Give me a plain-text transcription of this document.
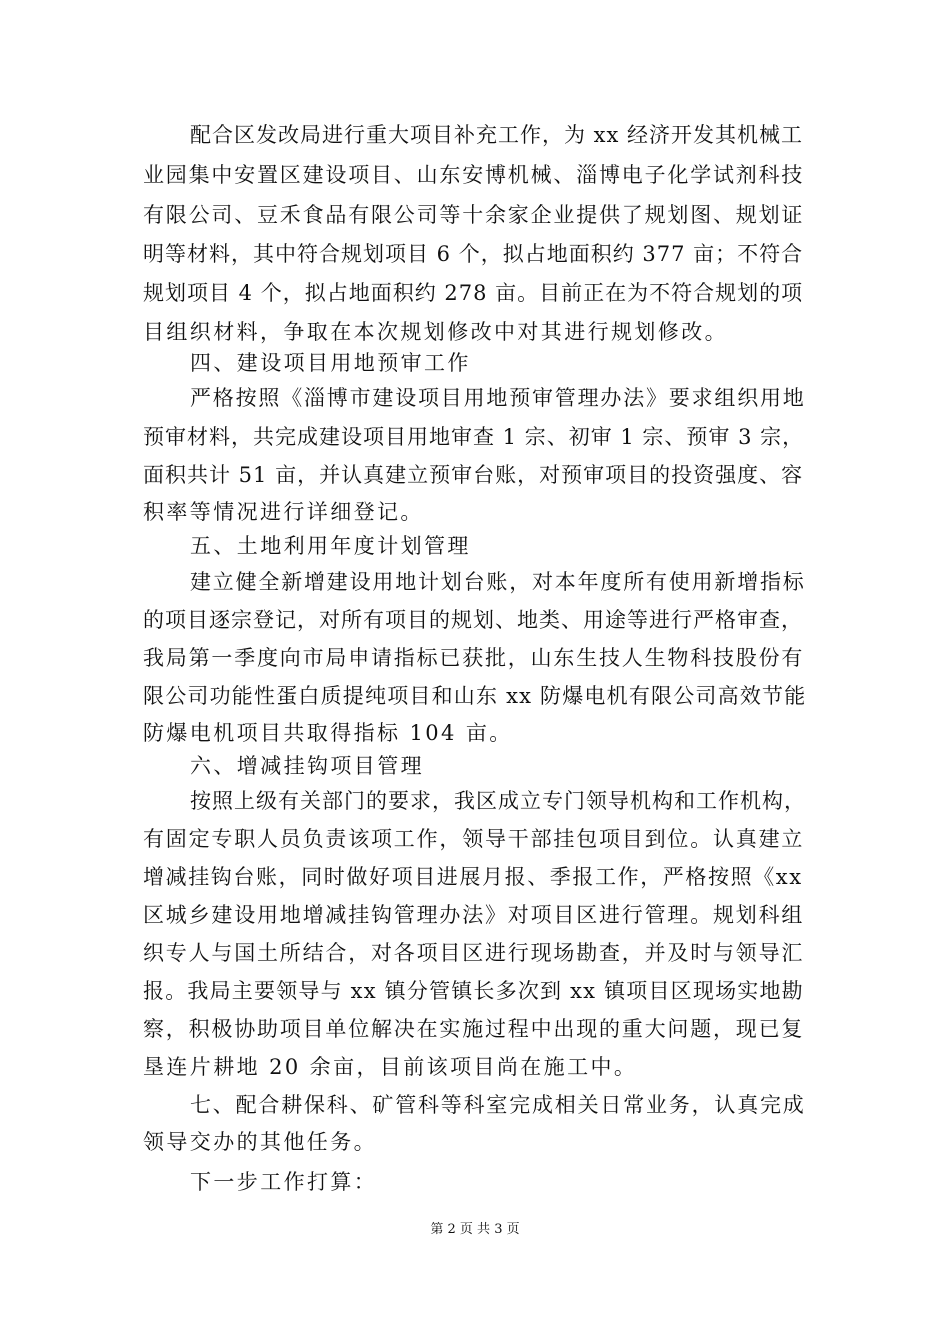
配合区发改局进行重大项目补充工作，为 xx 经济开发其机械工
业园集中安置区建设项目、山东安博机械、淄博电子化学试剂科技
有限公司、豆禾食品有限公司等十余家企业提供了规划图、规划证
明等材料，其中符合规划项目 6 个，拟占地面积约 377 亩；不符合
规划项目 4 个，拟占地面积约 278 亩。目前正在为不符合规划的项
目组织材料，争取在本次规划修改中对其进行规划修改。
四、建设项目用地预审工作
严格按照《淄博市建设项目用地预审管理办法》要求组织用地
预审材料，共完成建设项目用地审查 1 宗、初审 1 宗、预审 3 宗，
面积共计 51 亩，并认真建立预审台账，对预审项目的投资强度、容
积率等情况进行详细登记。
五、土地利用年度计划管理
建立健全新增建设用地计划台账，对本年度所有使用新增指标
的项目逐宗登记，对所有项目的规划、地类、用途等进行严格审查，
我局第一季度向市局申请指标已获批，山东生技人生物科技股份有
限公司功能性蛋白质提纯项目和山东 xx 防爆电机有限公司高效节能
防爆电机项目共取得指标 104 亩。
六、增减挂钩项目管理
按照上级有关部门的要求，我区成立专门领导机构和工作机构，
有固定专职人员负责该项工作，领导干部挂包项目到位。认真建立
增减挂钩台账，同时做好项目进展月报、季报工作，严格按照《xx
区城乡建设用地增减挂钩管理办法》对项目区进行管理。规划科组
织专人与国土所结合，对各项目区进行现场勘查，并及时与领导汇
报。我局主要领导与 xx 镇分管镇长多次到 xx 镇项目区现场实地勘
察，积极协助项目单位解决在实施过程中出现的重大问题，现已复
垦连片耕地 20 余亩，目前该项目尚在施工中。
七、配合耕保科、矿管科等科室完成相关日常业务，认真完成
领导交办的其他任务。
下一步工作打算：
第 2 页 共 3 页
